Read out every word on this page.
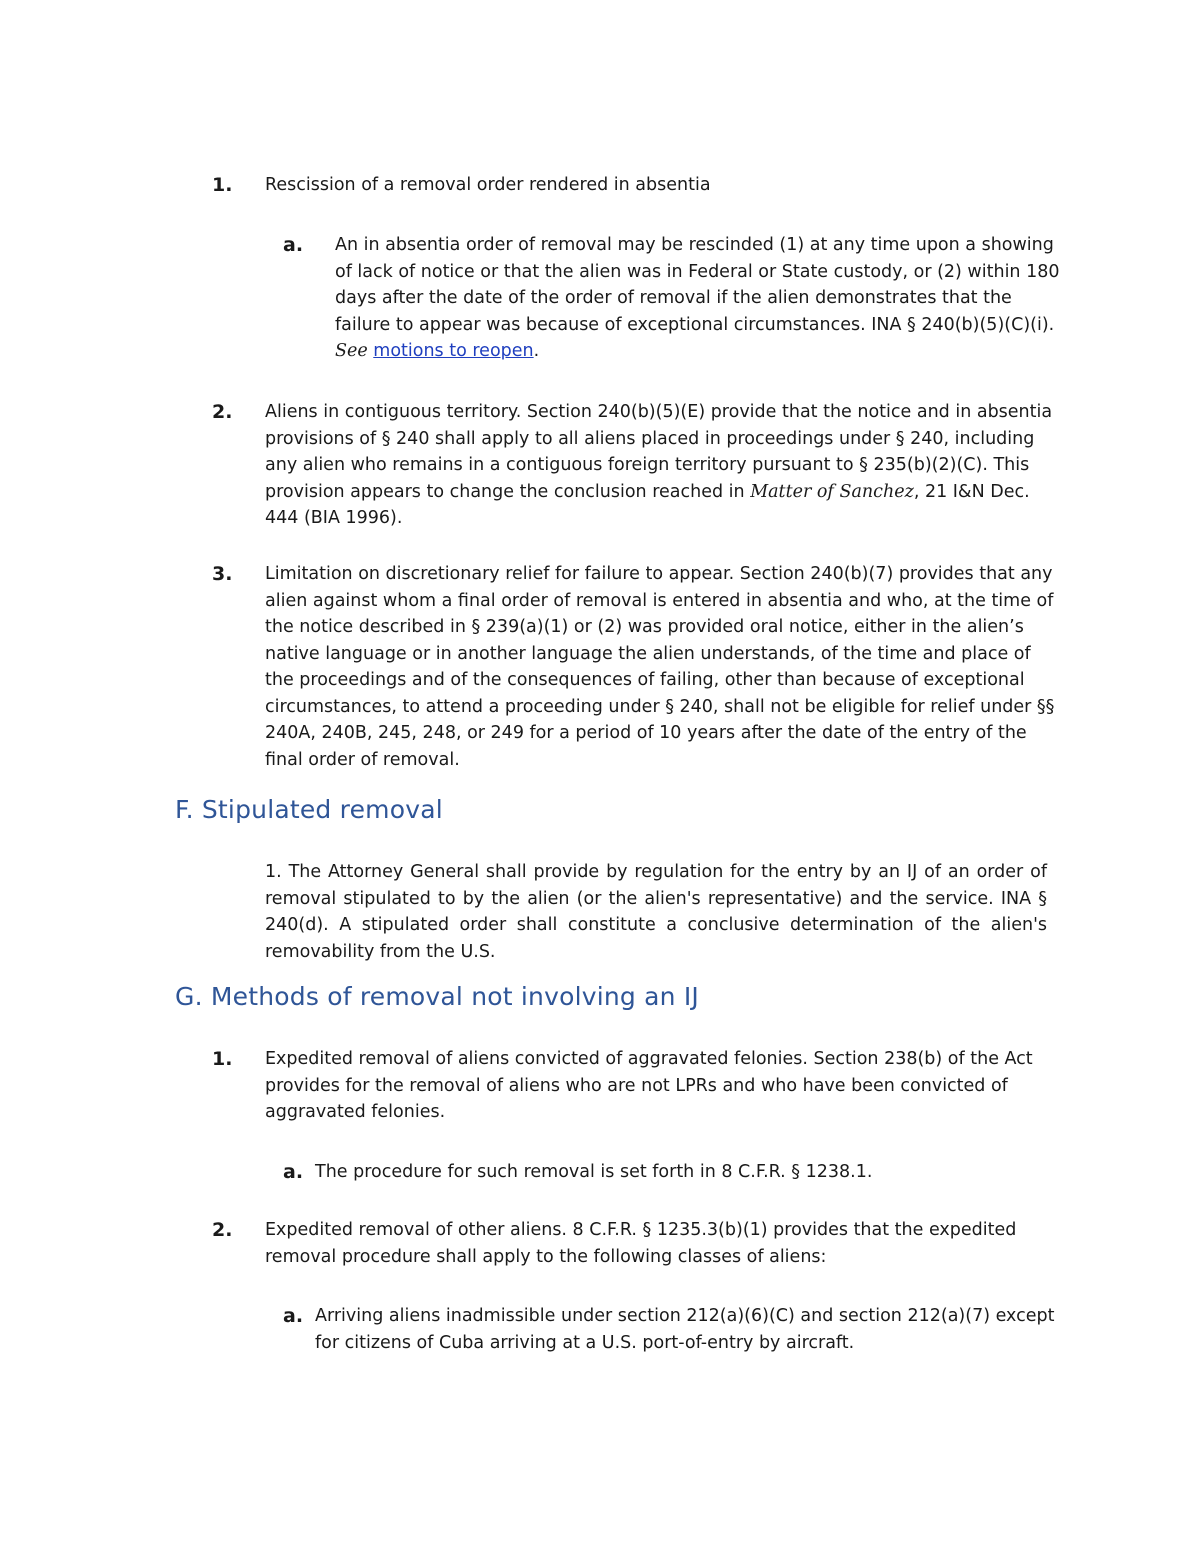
1. Rescission of a removal order rendered in absentia
a. An in absentia order of removal may be rescinded (1) at any time upon a showing of lack of notice or that the alien was in Federal or State custody, or (2) within 180 days after the date of the order of removal if the alien demonstrates that the failure to appear was because of exceptional circumstances. INA § 240(b)(5)(C)(i).
See motions to reopen.
2. Aliens in contiguous territory. Section 240(b)(5)(E) provide that the notice and in absentia provisions of § 240 shall apply to all aliens placed in proceedings under § 240, including any alien who remains in a contiguous foreign territory pursuant to § 235(b)(2)(C). This provision appears to change the conclusion reached in Matter of Sanchez, 21 I&N Dec. 444 (BIA 1996).
3. Limitation on discretionary relief for failure to appear. Section 240(b)(7) provides that any alien against whom a final order of removal is entered in absentia and who, at the time of the notice described in § 239(a)(1) or (2) was provided oral notice, either in the alien’s native language or in another language the alien understands, of the time and place of the proceedings and of the consequences of failing, other than because of exceptional circumstances, to attend a proceeding under § 240, shall not be eligible for relief under §§ 240A, 240B, 245, 248, or 249 for a period of 10 years after the date of the entry of the final order of removal.
F. Stipulated removal
1. The Attorney General shall provide by regulation for the entry by an IJ of an order of removal stipulated to by the alien (or the alien's representative) and the service. INA § 240(d). A stipulated order shall constitute a conclusive determination of the alien's removability from the U.S.
G. Methods of removal not involving an IJ
1. Expedited removal of aliens convicted of aggravated felonies. Section 238(b) of the Act provides for the removal of aliens who are not LPRs and who have been convicted of aggravated felonies.
a. The procedure for such removal is set forth in 8 C.F.R. § 1238.1.
2. Expedited removal of other aliens. 8 C.F.R. § 1235.3(b)(1) provides that the expedited removal procedure shall apply to the following classes of aliens:
a. Arriving aliens inadmissible under section 212(a)(6)(C) and section 212(a)(7) except for citizens of Cuba arriving at a U.S. port-of-entry by aircraft.
